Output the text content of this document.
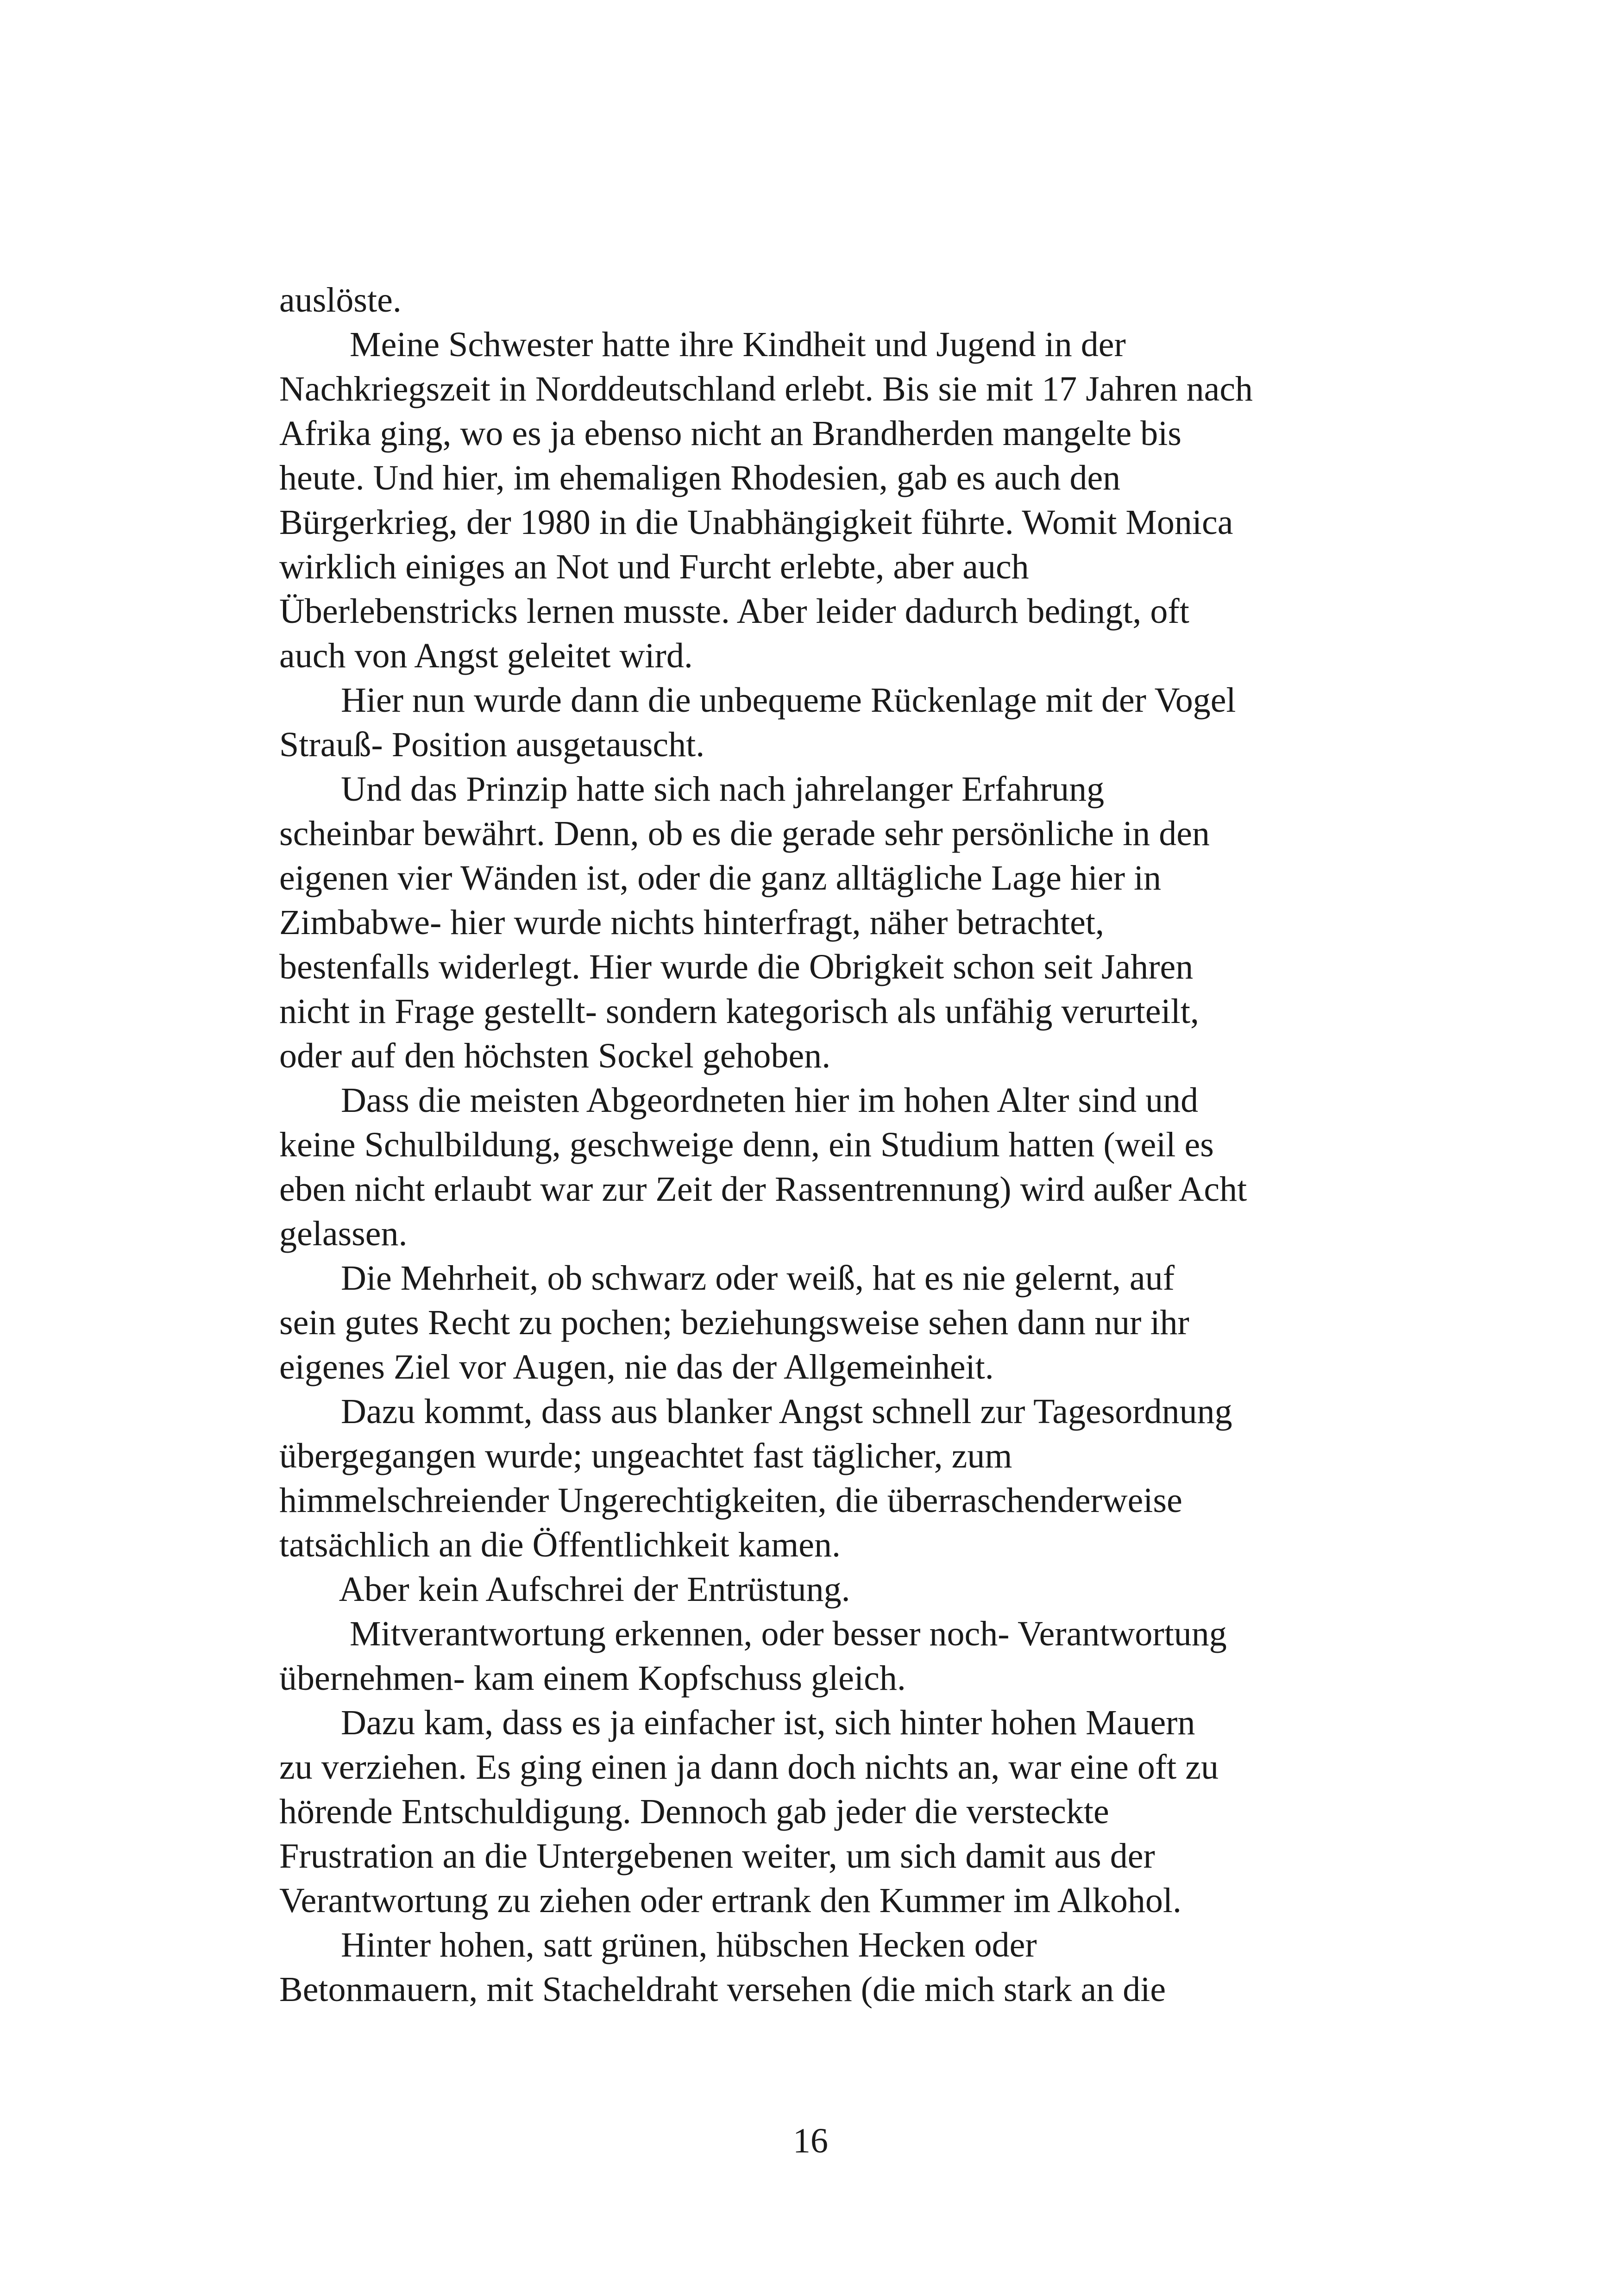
auslöste.
Meine Schwester hatte ihre Kindheit und Jugend in der
Nachkriegszeit in Norddeutschland erlebt. Bis sie mit 17 Jahren nach
Afrika ging, wo es ja ebenso nicht an Brandherden mangelte bis
heute. Und hier, im ehemaligen Rhodesien, gab es auch den
Bürgerkrieg, der 1980 in die Unabhängigkeit führte. Womit Monica
wirklich einiges an Not und Furcht erlebte, aber auch
Überlebenstricks lernen musste. Aber leider dadurch bedingt, oft
auch von Angst geleitet wird.
Hier nun wurde dann die unbequeme Rückenlage mit der Vogel
Strauß- Position ausgetauscht.
Und das Prinzip hatte sich nach jahrelanger Erfahrung
scheinbar bewährt. Denn, ob es die gerade sehr persönliche in den
eigenen vier Wänden ist, oder die ganz alltägliche Lage hier in
Zimbabwe- hier wurde nichts hinterfragt, näher betrachtet,
bestenfalls widerlegt. Hier wurde die Obrigkeit schon seit Jahren
nicht in Frage gestellt- sondern kategorisch als unfähig verurteilt,
oder auf den höchsten Sockel gehoben.
Dass die meisten Abgeordneten hier im hohen Alter sind und
keine Schulbildung, geschweige denn, ein Studium hatten (weil es
eben nicht erlaubt war zur Zeit der Rassentrennung) wird außer Acht
gelassen.
Die Mehrheit, ob schwarz oder weiß, hat es nie gelernt, auf
sein gutes Recht zu pochen; beziehungsweise sehen dann nur ihr
eigenes Ziel vor Augen, nie das der Allgemeinheit.
Dazu kommt, dass aus blanker Angst schnell zur Tagesordnung
übergegangen wurde; ungeachtet fast täglicher, zum
himmelschreiender Ungerechtigkeiten, die überraschenderweise
tatsächlich an die Öffentlichkeit kamen.
Aber kein Aufschrei der Entrüstung.
Mitverantwortung erkennen, oder besser noch- Verantwortung
übernehmen- kam einem Kopfschuss gleich.
Dazu kam, dass es ja einfacher ist, sich hinter hohen Mauern
zu verziehen. Es ging einen ja dann doch nichts an, war eine oft zu
hörende Entschuldigung. Dennoch gab jeder die versteckte
Frustration an die Untergebenen weiter, um sich damit aus der
Verantwortung zu ziehen oder ertrank den Kummer im Alkohol.
Hinter hohen, satt grünen, hübschen Hecken oder
Betonmauern, mit Stacheldraht versehen (die mich stark an die
16
